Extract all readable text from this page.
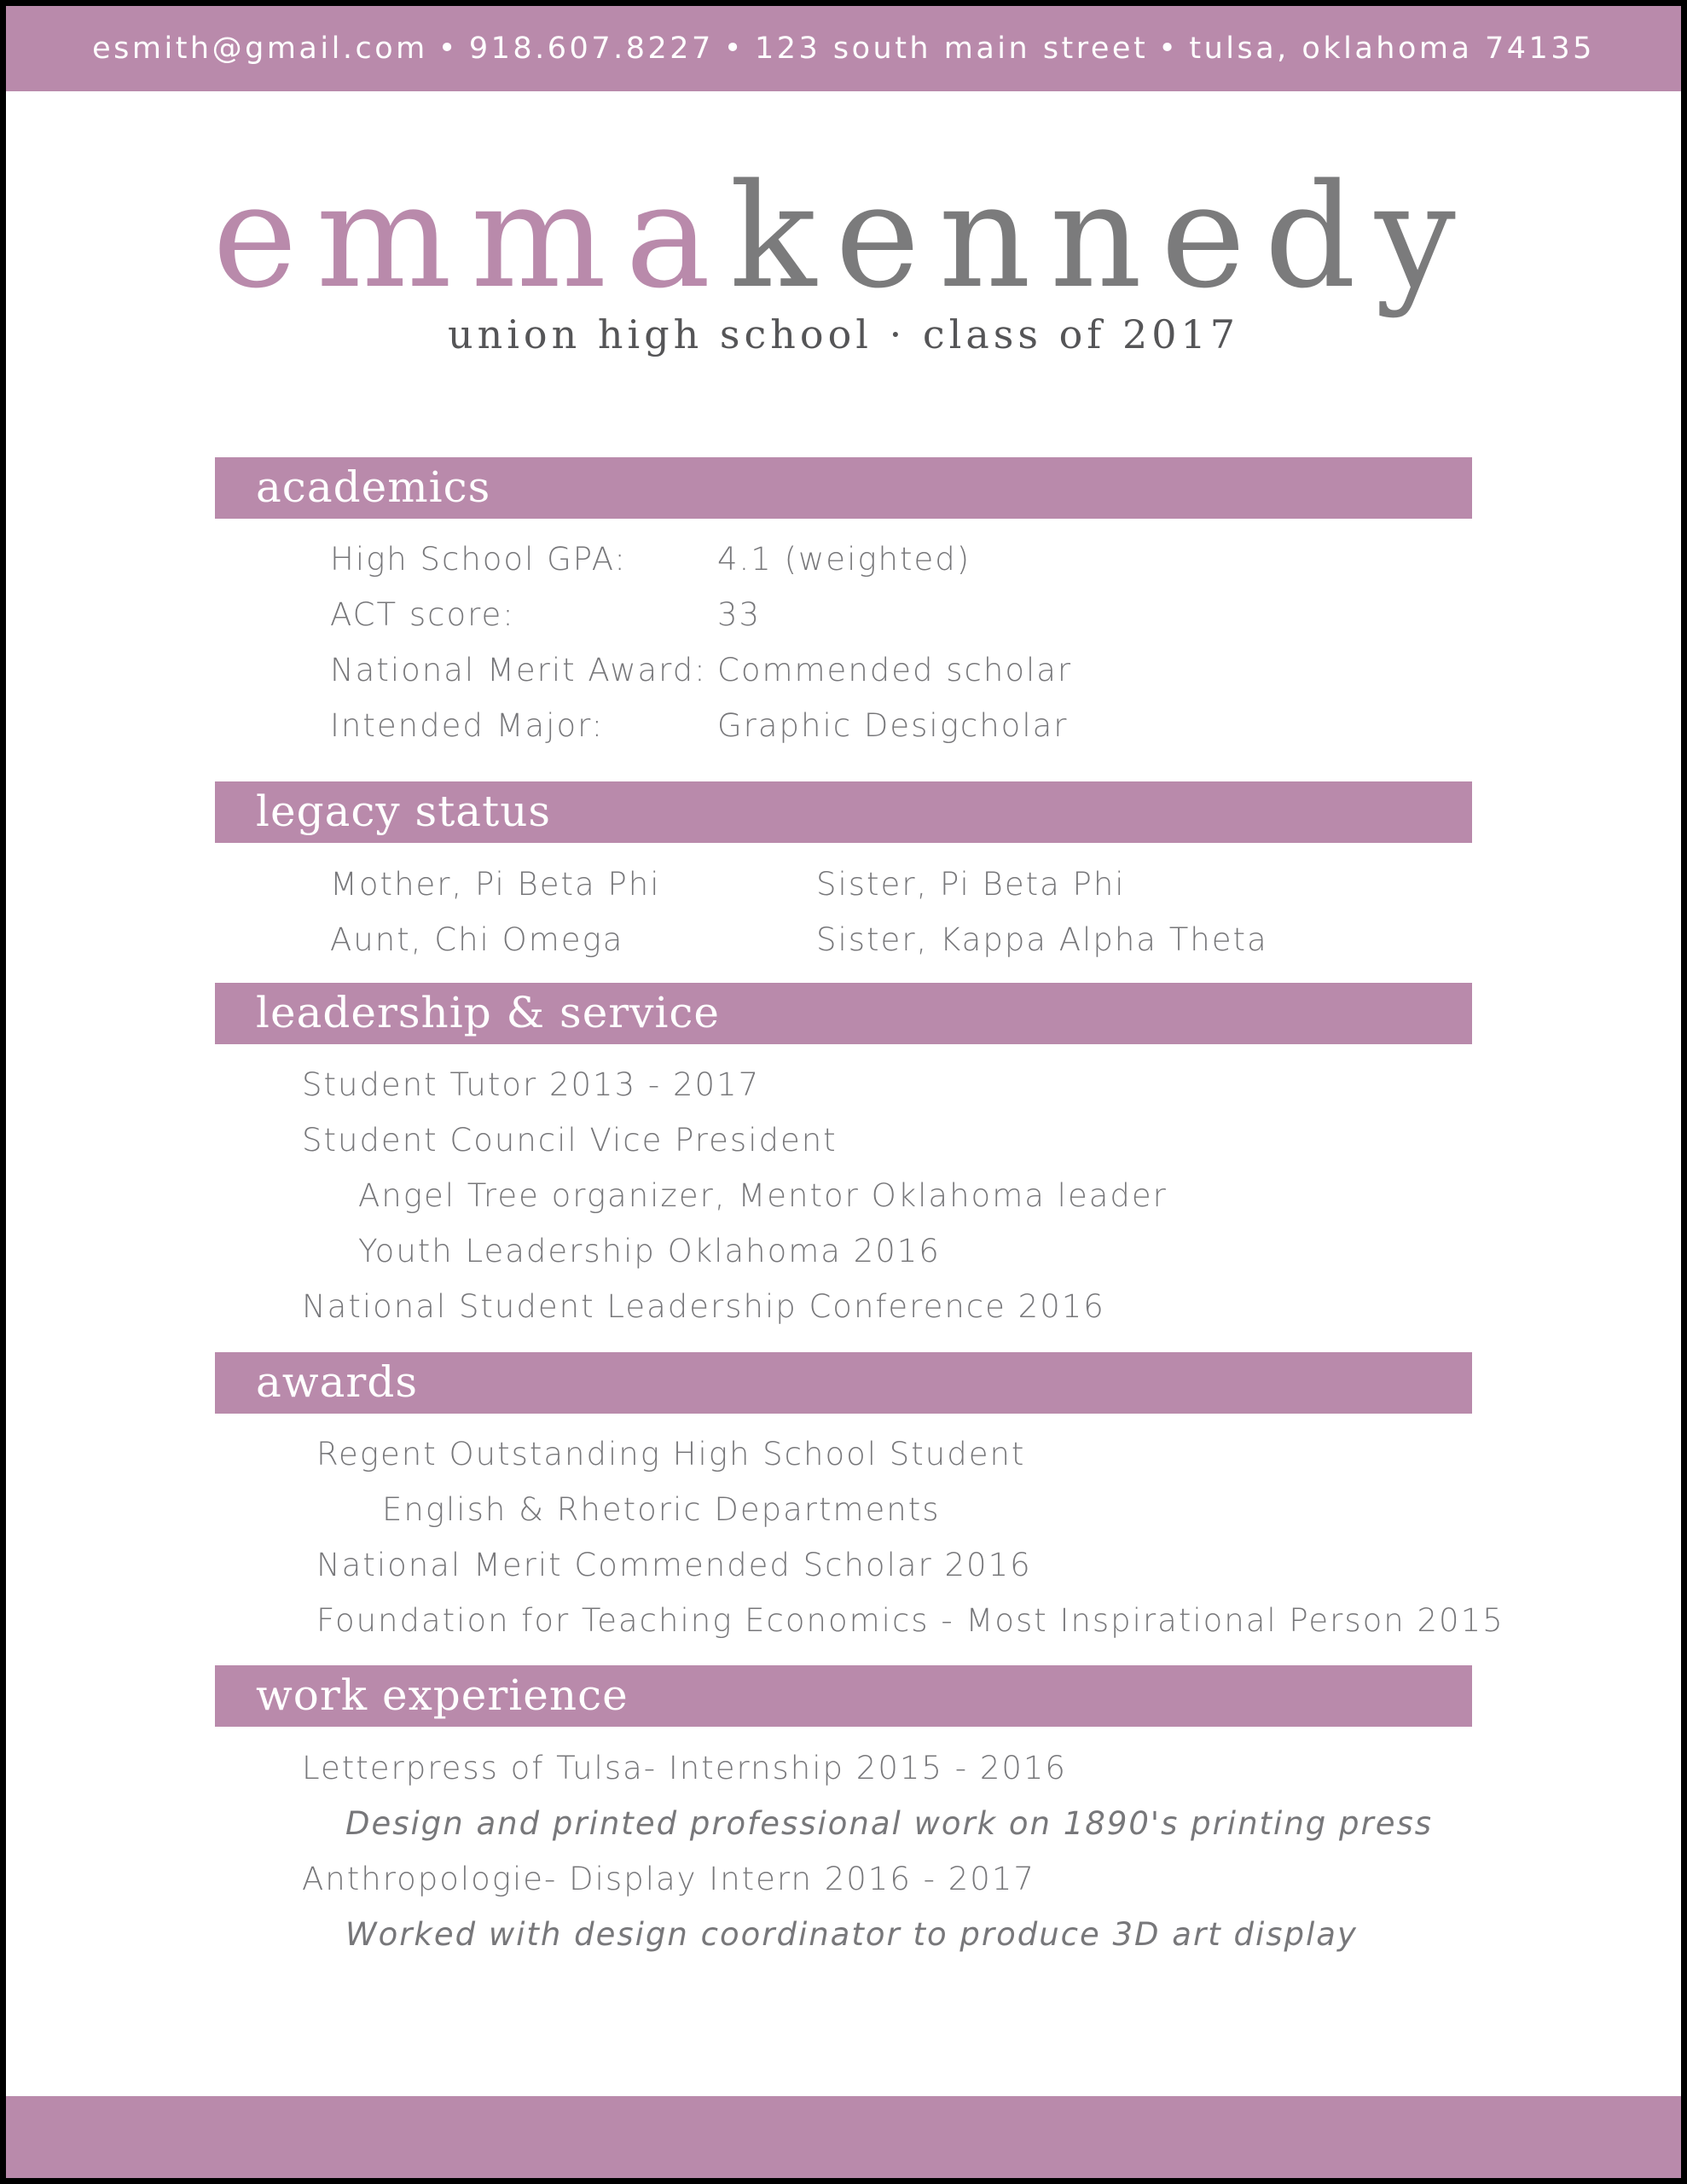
esmith@gmail.com • 918.607.8227 • 123 south main street • tulsa, oklahoma 74135
emmakennedy
union high school · class of 2017
academics
High School GPA:	4.1 (weighted)
ACT score:	33
National Merit Award: Commended scholar
Intended Major:	Graphic Desigcholar
legacy status
Mother, Pi Beta Phi	Sister, Pi Beta Phi
Aunt, Chi Omega	Sister, Kappa Alpha Theta
leadership & service
Student Tutor 2013 - 2017
Student Council Vice President
Angel Tree organizer, Mentor Oklahoma leader
Youth Leadership Oklahoma 2016
National Student Leadership Conference 2016
awards
Regent Outstanding High School Student
English & Rhetoric Departments
National Merit Commended Scholar 2016
Foundation for Teaching Economics - Most Inspirational Person 2015
work experience
Letterpress of Tulsa- Internship 2015 - 2016
Design and printed professional work on 1890's printing press
Anthropologie- Display Intern 2016 - 2017
Worked with design coordinator to produce 3D art display
